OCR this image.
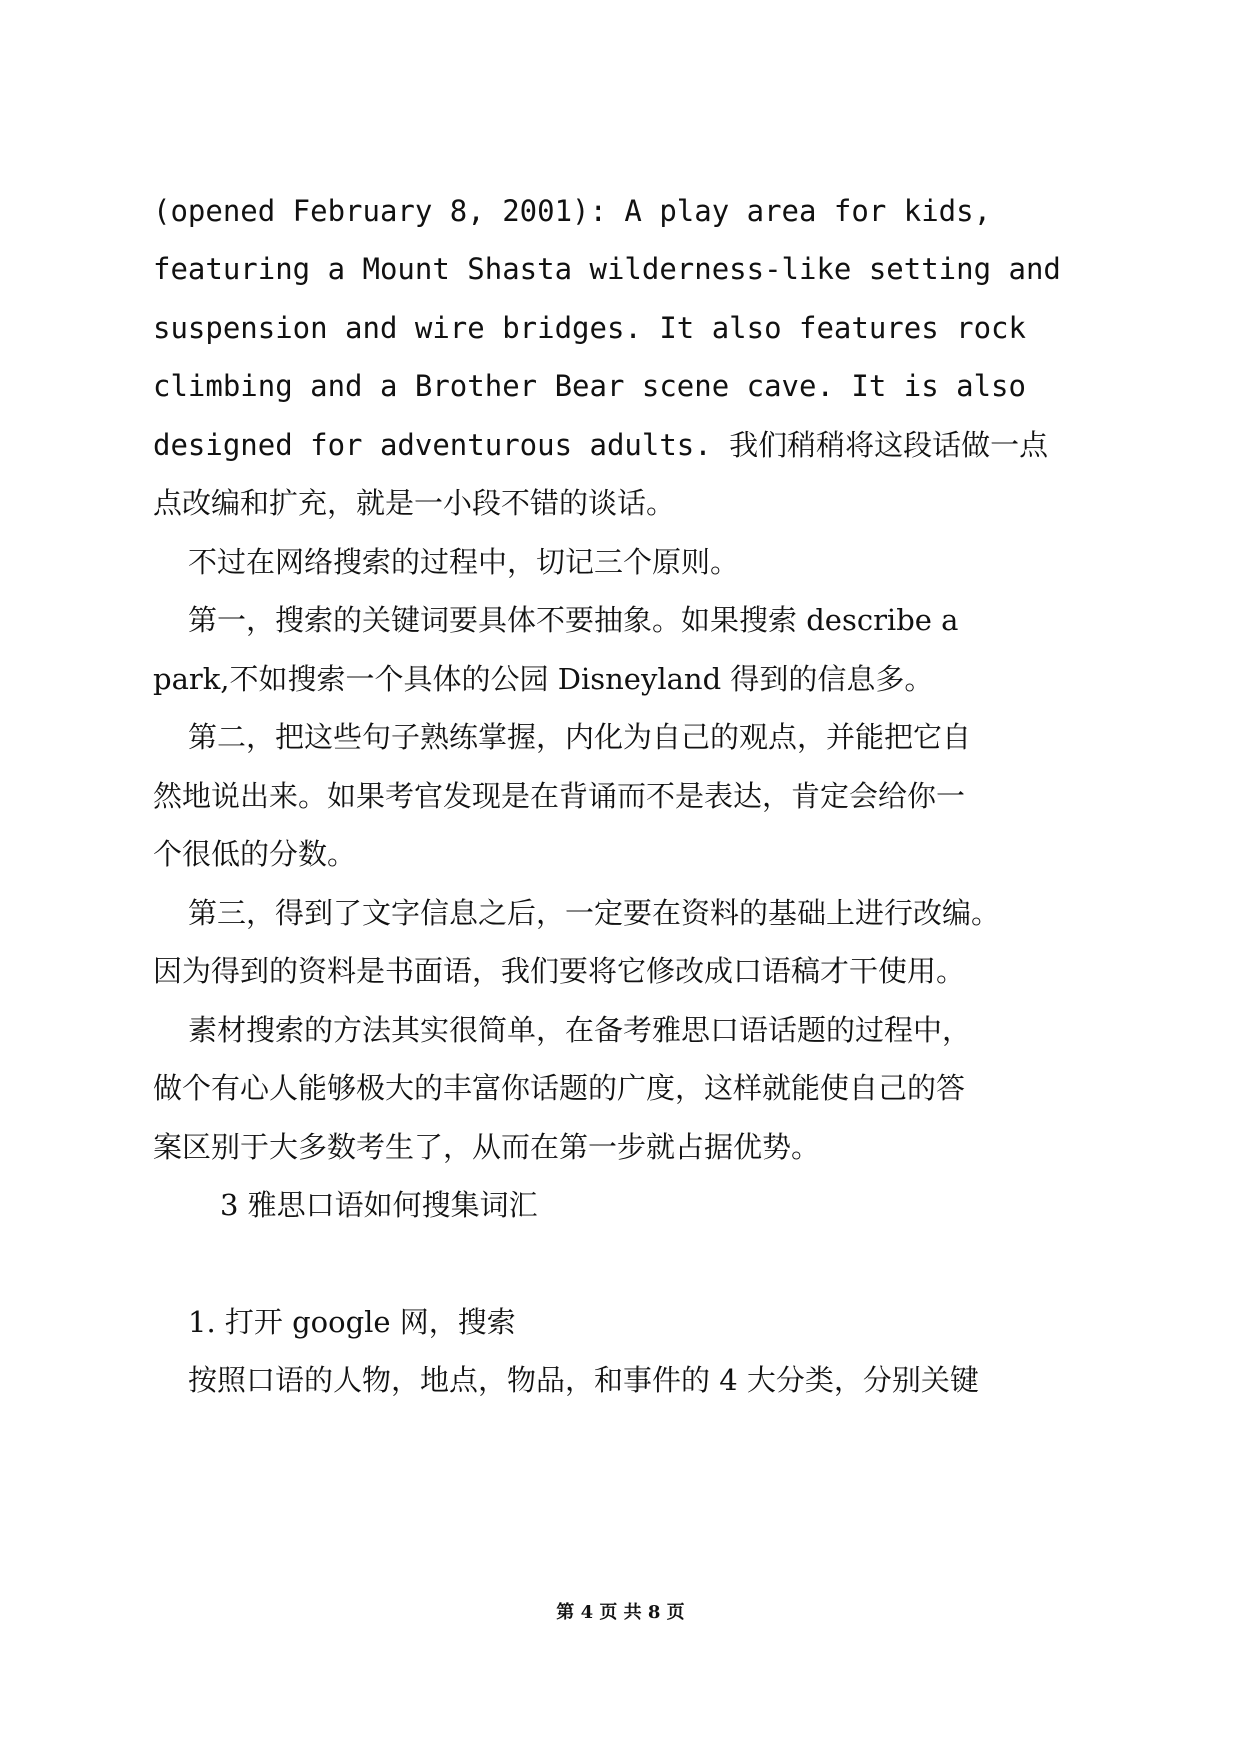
(opened February 8, 2001): A play area for kids,
featuring a Mount Shasta wilderness-like setting and
suspension and wire bridges. It also features rock
climbing and a Brother Bear scene cave. It is also
designed for adventurous adults. 我们稍稍将这段话做一点
点改编和扩充，就是一小段不错的谈话。
不过在网络搜索的过程中，切记三个原则。
第一，搜索的关键词要具体不要抽象。如果搜索 describe a
park,不如搜索一个具体的公园 Disneyland 得到的信息多。
第二，把这些句子熟练掌握，内化为自己的观点，并能把它自
然地说出来。如果考官发现是在背诵而不是表达，肯定会给你一
个很低的分数。
第三，得到了文字信息之后，一定要在资料的基础上进行改编。
因为得到的资料是书面语，我们要将它修改成口语稿才干使用。
素材搜索的方法其实很简单，在备考雅思口语话题的过程中，
做个有心人能够极大的丰富你话题的广度，这样就能使自己的答
案区别于大多数考生了，从而在第一步就占据优势。
3 雅思口语如何搜集词汇
1. 打开 google 网，搜索
按照口语的人物，地点，物品，和事件的 4 大分类，分别关键
第 4 页 共 8 页
